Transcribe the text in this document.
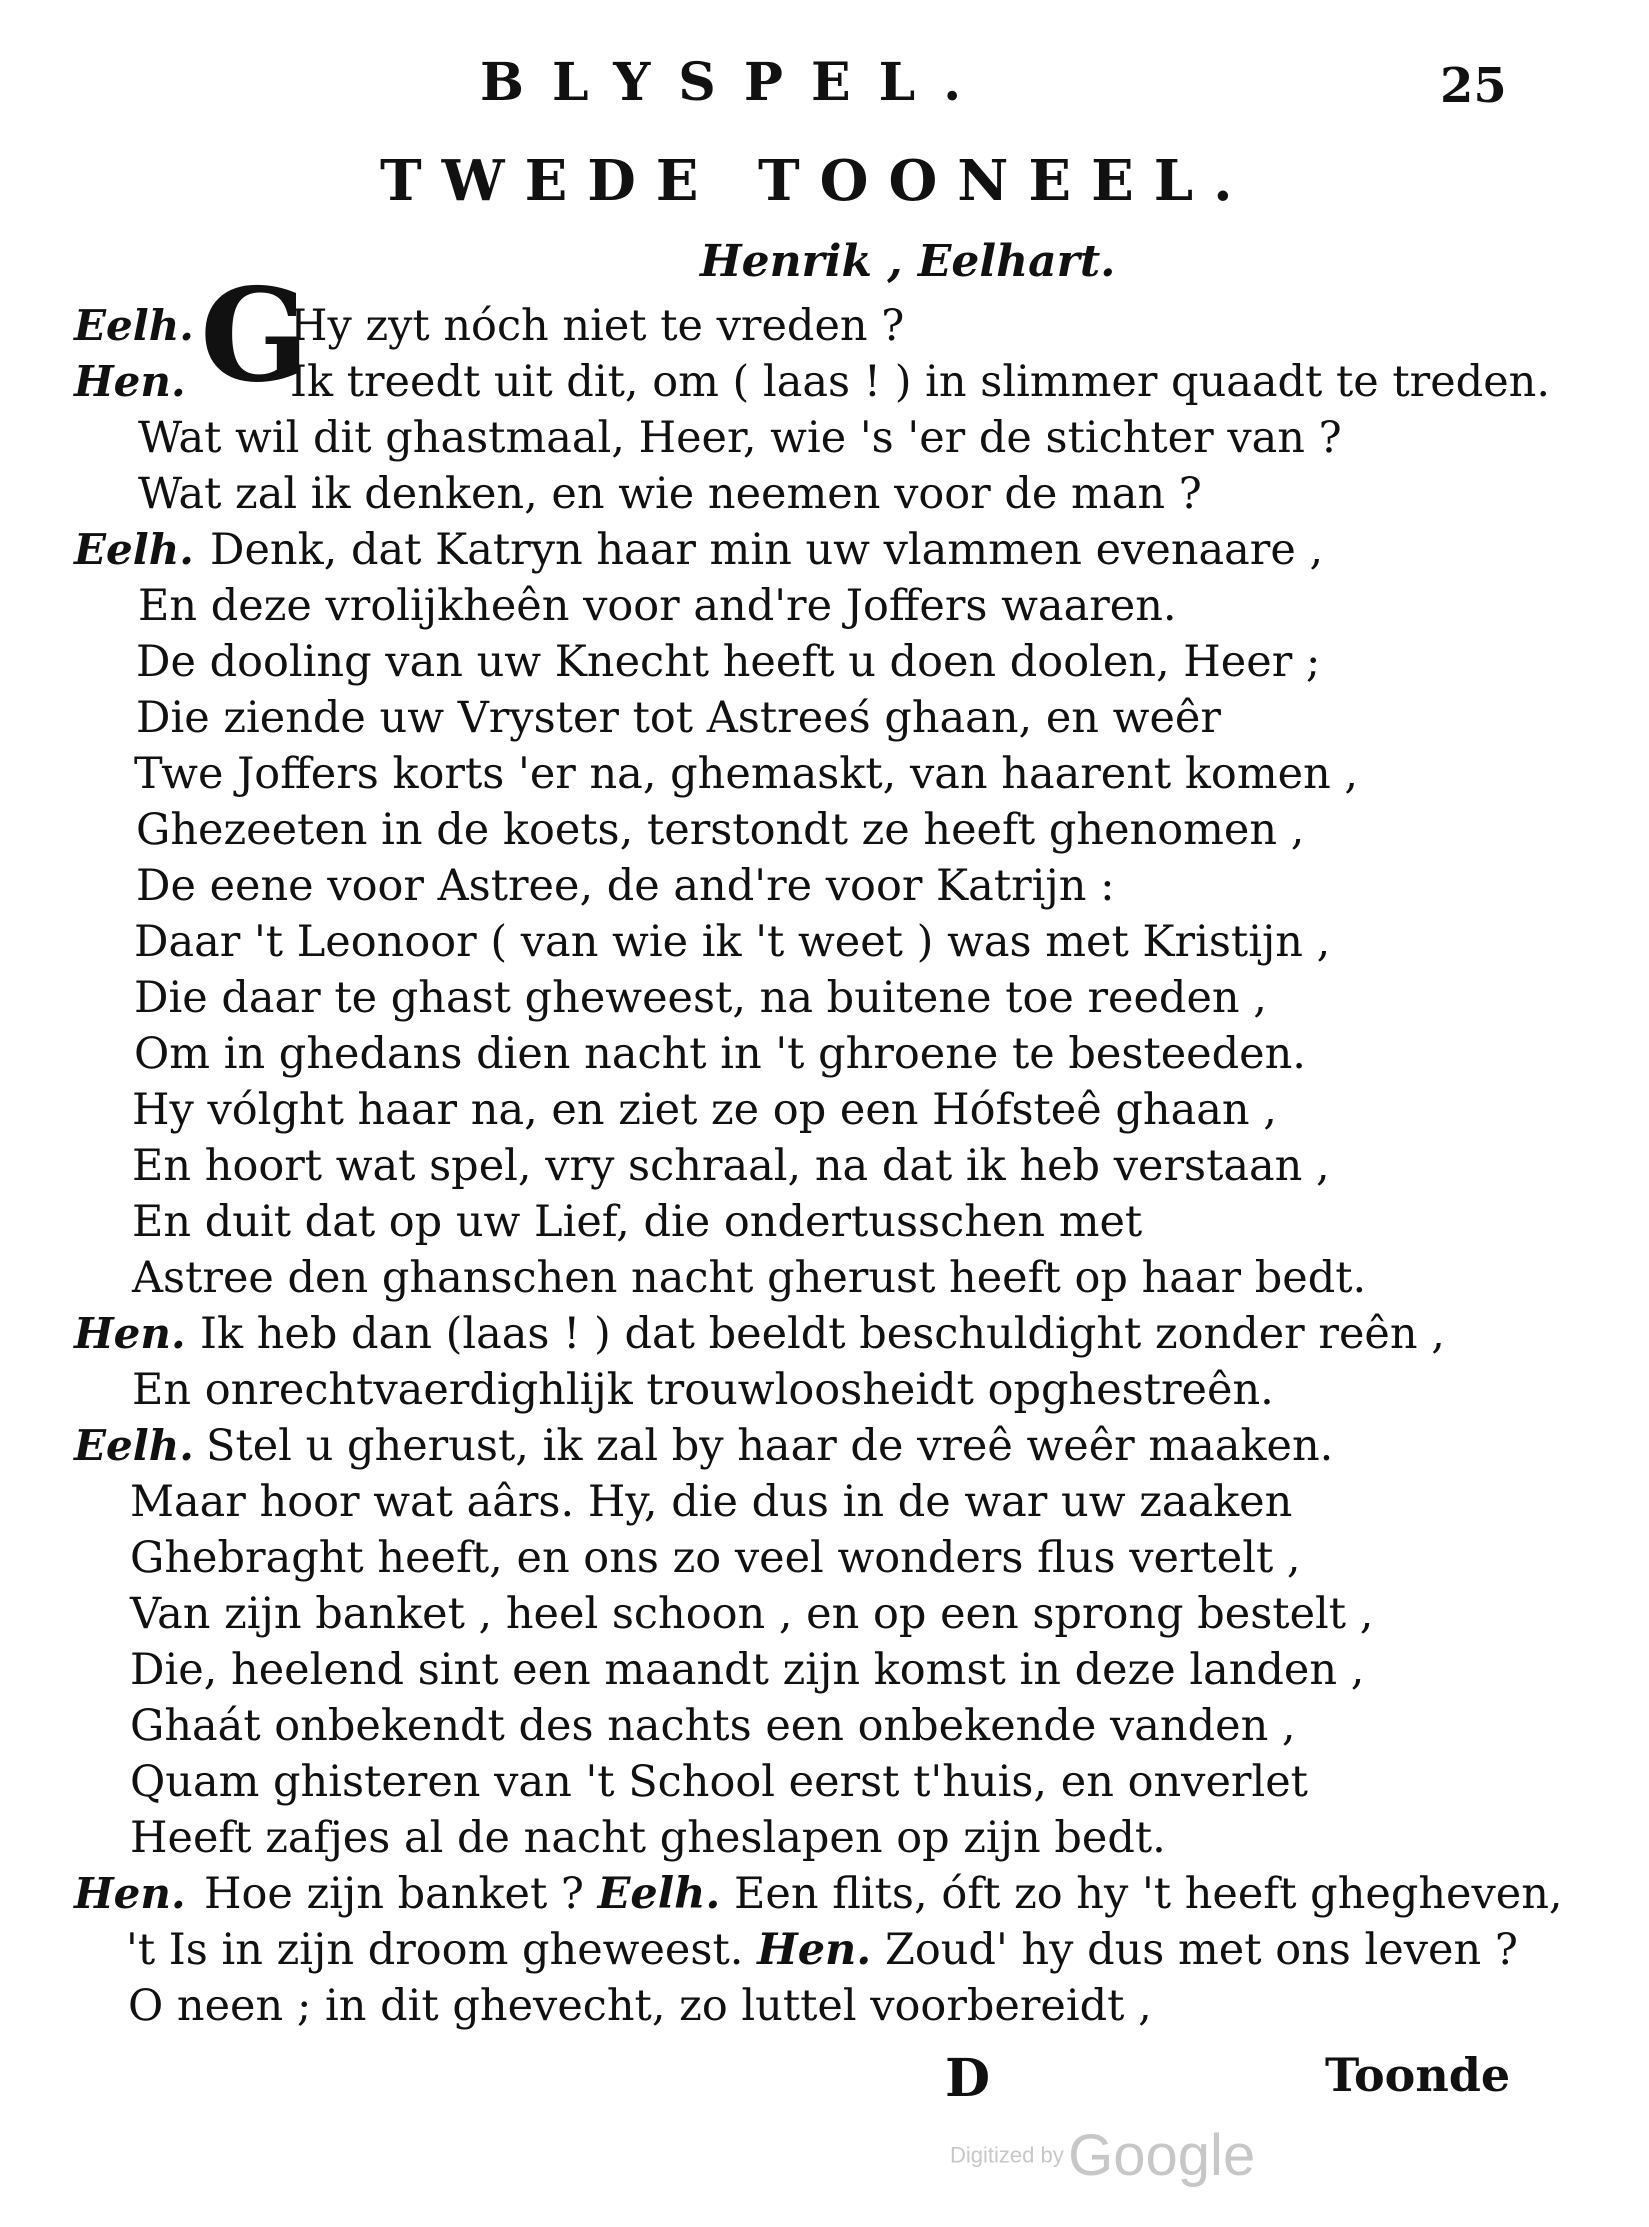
BLYSPEL.	25
TWEDE TOONEEL.
Henrik , Eelhart.
G
Eelh. Hy zyt nóch niet te vreden ?
Hen. Ik treedt uit dit, om ( laas ! ) in slimmer quaadt te treden.
Wat wil dit ghastmaal, Heer, wie 's 'er de stichter van ?
Wat zal ik denken, en wie neemen voor de man ?
Eelh. Denk, dat Katryn haar min uw vlammen evenaare ,
En deze vrolijkheên voor and're Joffers waaren.
De dooling van uw Knecht heeft u doen doolen, Heer ;
Die ziende uw Vryster tot Astreeś ghaan, en weêr
Twe Joffers korts 'er na, ghemaskt, van haarent komen ,
Ghezeeten in de koets, terstondt ze heeft ghenomen ,
De eene voor Astree, de and're voor Katrijn :
Daar 't Leonoor ( van wie ik 't weet ) was met Kristijn ,
Die daar te ghast gheweest, na buitene toe reeden ,
Om in ghedans dien nacht in 't ghroene te besteeden.
Hy vólght haar na, en ziet ze op een Hófsteê ghaan ,
En hoort wat spel, vry schraal, na dat ik heb verstaan ,
En duit dat op uw Lief, die ondertusschen met
Astree den ghanschen nacht gherust heeft op haar bedt.
Hen. Ik heb dan (laas ! ) dat beeldt beschuldight zonder reên ,
En onrechtvaerdighlijk trouwloosheidt opghestreên.
Eelh. Stel u gherust, ik zal by haar de vreê weêr maaken.
Maar hoor wat aârs. Hy, die dus in de war uw zaaken
Ghebraght heeft, en ons zo veel wonders flus vertelt ,
Van zijn banket , heel schoon , en op een sprong bestelt ,
Die, heelend sint een maandt zijn komst in deze landen ,
Ghaát onbekendt des nachts een onbekende vanden ,
Quam ghisteren van 't School eerst t'huis, en onverlet
Heeft zafjes al de nacht gheslapen op zijn bedt.
Hen. Hoe zijn banket ? Eelh. Een flits, óft zo hy 't heeft ghegheven,
't Is in zijn droom gheweest. Hen. Zoud' hy dus met ons leven ?
O neen ; in dit ghevecht, zo luttel voorbereidt ,
D	Toonde
Digitized by Google
